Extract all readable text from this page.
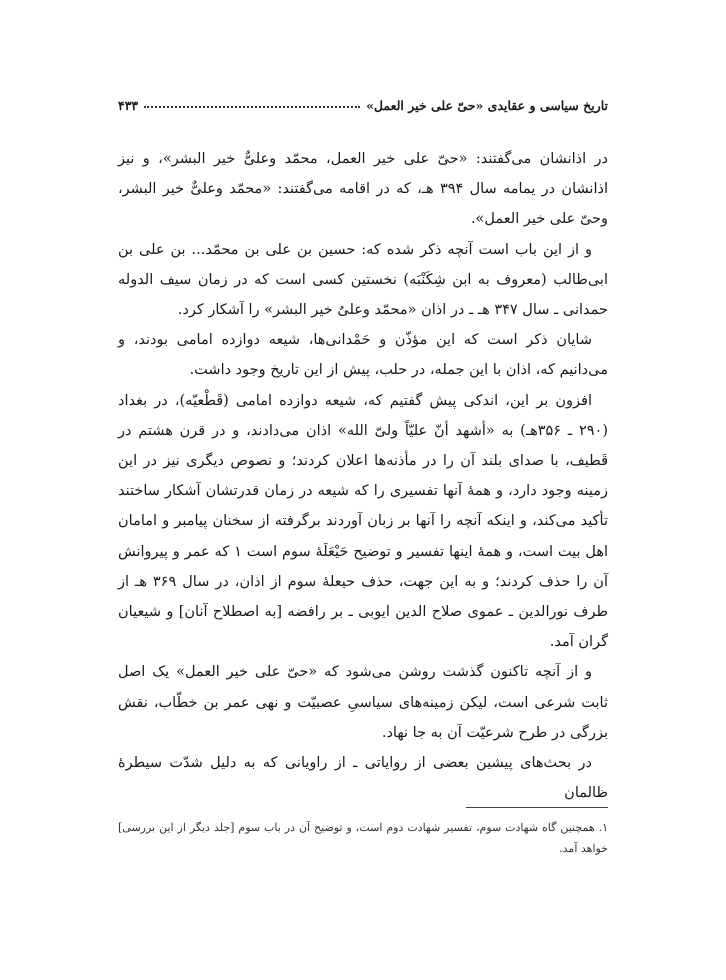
تاریخ سیاسی و عقایدی «حیّ علی خیر العمل»
۴۳۳

در اذانشان می‌گفتند: «حیّ علی خیر العمل، محمّد وعلیٌّ خیر البشر»، و نیز اذانشان در یمامه سال ۳۹۴ هـ، که در اقامه می‌گفتند: «محمّد وعلیٌّ خیر البشر، وحیّ علی خیر العمل».

و از این باب است آنچه ذکر شده که: حسین بن علی بن محمّد... بن علی بن ابی‌طالب (معروف به ابن شِکَنْبَه) نخستین کسی است که در زمان سیف الدوله حمدانی ـ سال ۳۴۷ هـ ـ در اذان «محمّد وعلیٌ خیر البشر» را آشکار کرد.

شایان ذکر است که این مؤذّن و حَمْدانی‌ها، شیعه دوازده امامی بودند، و می‌دانیم که، اذان با این جمله، در حلب، پیش از این تاریخ وجود داشت.

افزون بر این، اندکی پیش گفتیم که، شیعه دوازده امامی (قَطْعیّه)، در بغداد (۲۹۰ ـ ۳۵۶هـ) به «أشهد أنّ علیّاً ولیّ الله» اذان می‌دادند، و در قرن هشتم در قَطیف، با صدای بلند آن را در مأذنه‌ها اعلان کردند؛ و نصوص دیگری نیز در این زمینه وجود دارد، و همهٔ آنها تفسیری را که شیعه در زمان قدرتشان آشکار ساختند تأکید می‌کند، و اینکه آنچه را آنها بر زبان آوردند برگرفته از سخنان پیامبر و امامان اهل بیت است، و همهٔ اینها تفسیر و توضیح حَیْعَلَهٔ سوم است ۱ که عمر و پیروانش آن را حذف کردند؛ و به این جهت، حذف حیعلهٔ سوم از اذان، در سال ۳۶۹ هـ از طرف نورالدین ـ عموی صلاح الدین ایوبی ـ بر رافضه [به اصطلاح آنان] و شیعیان گران آمد.

و از آنچه تاکنون گذشت روشن می‌شود که «حیّ علی خیر العمل» یک اصل ثابت شرعی است، لیکن زمینه‌های سیاسیِ عصبیّت و نهی عمر بن خطّاب، نقش بزرگی در طرح شرعیّت آن به جا نهاد.

در بحث‌های پیشین بعضی از روایاتی ـ از راویانی که به دلیل شدّت سیطرهٔ ظالمان

۱. همچنین گاه شهادت سوم، تفسیر شهادت دوم است، و توضیح آن در باب سوم [جلد دیگر از این بررسی] خواهد آمد.
